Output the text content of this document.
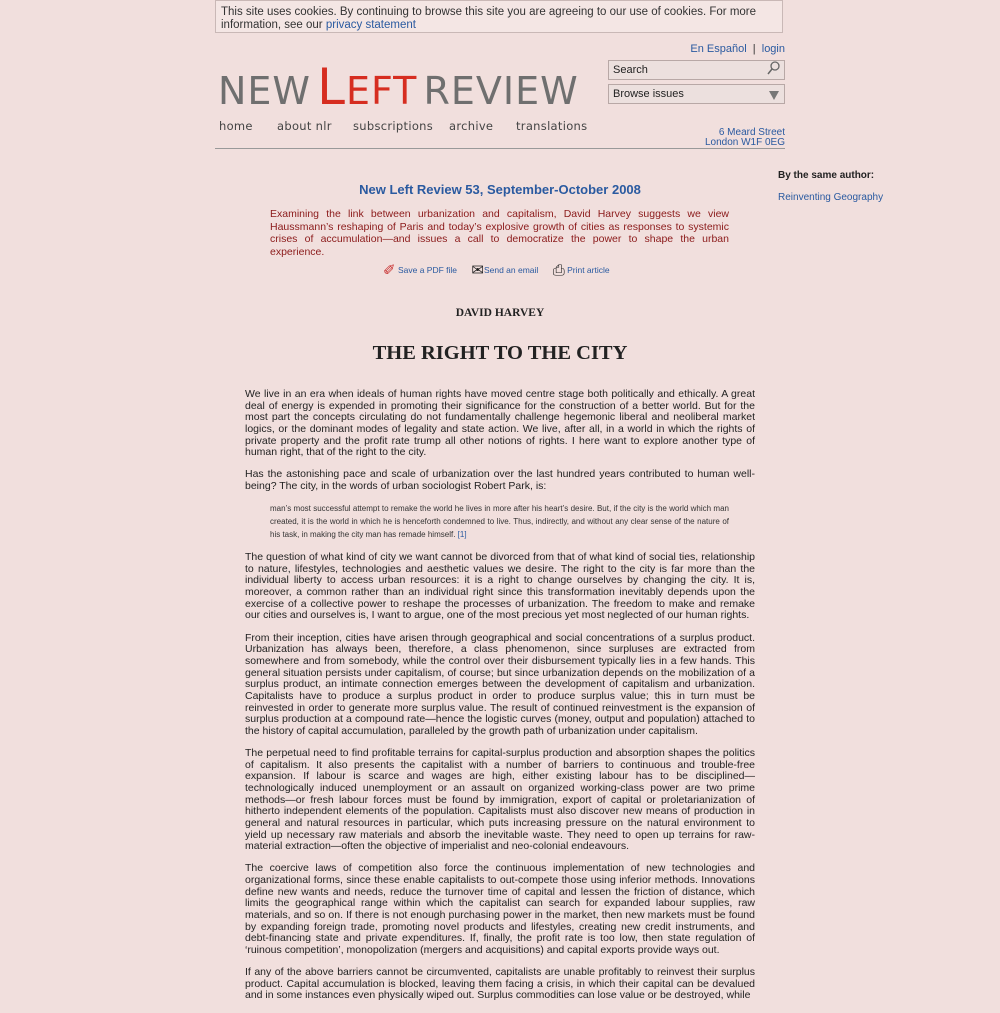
This site uses cookies. By continuing to browse this site you are agreeing to our use of cookies. For more information, see our privacy statement
En Español | login
NEW LEFT REVIEW	Search
Browse issues
home about nlr subscriptions archive translations	6 Meard Street
London W1F 0EG
By the same author:
Reinventing Geography
New Left Review 53, September-October 2008
Examining the link between urbanization and capitalism, David Harvey suggests we view Haussmann’s reshaping of Paris and today’s explosive growth of cities as responses to systemic crises of accumulation—and issues a call to democratize the power to shape the urban experience.
✐ Save a PDF file ✉Send an email ⎙ Print article
DAVID HARVEY
THE RIGHT TO THE CITY

We live in an era when ideals of human rights have moved centre stage both politically and ethically. A great deal of energy is expended in promoting their significance for the construction of a better world. But for the most part the concepts circulating do not fundamentally challenge hegemonic liberal and neoliberal market logics, or the dominant modes of legality and state action. We live, after all, in a world in which the rights of private property and the profit rate trump all other notions of rights. I here want to explore another type of human right, that of the right to the city.

Has the astonishing pace and scale of urbanization over the last hundred years contributed to human well-being? The city, in the words of urban sociologist Robert Park, is:

man’s most successful attempt to remake the world he lives in more after his heart’s desire. But, if the city is the world which man created, it is the world in which he is henceforth condemned to live. Thus, indirectly, and without any clear sense of the nature of his task, in making the city man has remade himself. [1]

The question of what kind of city we want cannot be divorced from that of what kind of social ties, relationship to nature, lifestyles, technologies and aesthetic values we desire. The right to the city is far more than the individual liberty to access urban resources: it is a right to change ourselves by changing the city. It is, moreover, a common rather than an individual right since this transformation inevitably depends upon the exercise of a collective power to reshape the processes of urbanization. The freedom to make and remake our cities and ourselves is, I want to argue, one of the most precious yet most neglected of our human rights.

From their inception, cities have arisen through geographical and social concentrations of a surplus product. Urbanization has always been, therefore, a class phenomenon, since surpluses are extracted from somewhere and from somebody, while the control over their disbursement typically lies in a few hands. This general situation persists under capitalism, of course; but since urbanization depends on the mobilization of a surplus product, an intimate connection emerges between the development of capitalism and urbanization. Capitalists have to produce a surplus product in order to produce surplus value; this in turn must be reinvested in order to generate more surplus value. The result of continued reinvestment is the expansion of surplus production at a compound rate—hence the logistic curves (money, output and population) attached to the history of capital accumulation, paralleled by the growth path of urbanization under capitalism.

The perpetual need to find profitable terrains for capital-surplus production and absorption shapes the politics of capitalism. It also presents the capitalist with a number of barriers to continuous and trouble-free expansion. If labour is scarce and wages are high, either existing labour has to be disciplined—technologically induced unemployment or an assault on organized working-class power are two prime methods—or fresh labour forces must be found by immigration, export of capital or proletarianization of hitherto independent elements of the population. Capitalists must also discover new means of production in general and natural resources in particular, which puts increasing pressure on the natural environment to yield up necessary raw materials and absorb the inevitable waste. They need to open up terrains for raw-material extraction—often the objective of imperialist and neo-colonial endeavours.

The coercive laws of competition also force the continuous implementation of new technologies and organizational forms, since these enable capitalists to out-compete those using inferior methods. Innovations define new wants and needs, reduce the turnover time of capital and lessen the friction of distance, which limits the geographical range within which the capitalist can search for expanded labour supplies, raw materials, and so on. If there is not enough purchasing power in the market, then new markets must be found by expanding foreign trade, promoting novel products and lifestyles, creating new credit instruments, and debt-financing state and private expenditures. If, finally, the profit rate is too low, then state regulation of ‘ruinous competition’, monopolization (mergers and acquisitions) and capital exports provide ways out.

If any of the above barriers cannot be circumvented, capitalists are unable profitably to reinvest their surplus product. Capital accumulation is blocked, leaving them facing a crisis, in which their capital can be devalued and in some instances even physically wiped out. Surplus commodities can lose value or be destroyed, while
